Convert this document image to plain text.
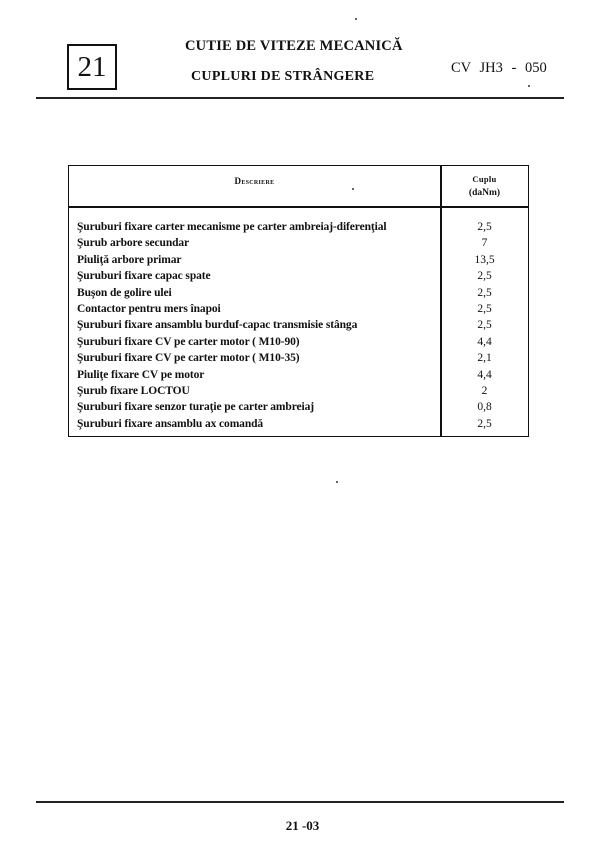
21
CUTIE DE VITEZE MECANICĂ
CUPLURI DE STRÂNGERE
CV JH3 - 050
Descriere	Cuplu
(daNm)
Şuruburi fixare carter mecanisme pe carter ambreiaj-diferenţial	2,5
Şurub arbore secundar	7
Piuliţă arbore primar	13,5
Şuruburi fixare capac spate	2,5
Buşon de golire ulei	2,5
Contactor pentru mers înapoi	2,5
Şuruburi fixare ansamblu burduf-capac transmisie stânga	2,5
Şuruburi fixare CV pe carter motor ( M10-90)	4,4
Şuruburi fixare CV pe carter motor ( M10-35)	2,1
Piuliţe fixare CV pe motor	4,4
Şurub fixare LOCTOU	2
Şuruburi fixare senzor turaţie pe carter ambreiaj	0,8
Şuruburi fixare ansamblu ax comandă	2,5
21 -03
